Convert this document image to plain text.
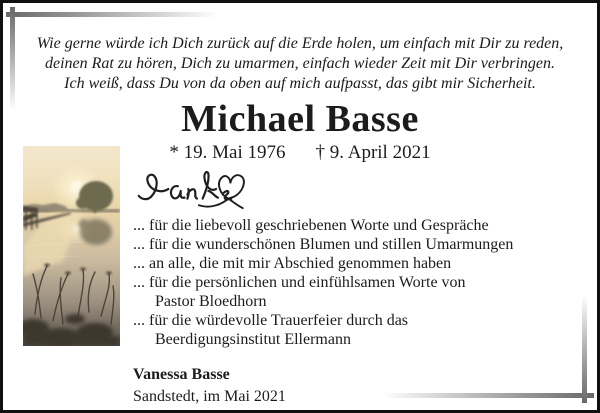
Wie gerne würde ich Dich zurück auf die Erde holen, um einfach mit Dir zu reden,
deinen Rat zu hören, Dich zu umarmen, einfach wieder Zeit mit Dir verbringen.
Ich weiß, dass Du von da oben auf mich aufpasst, das gibt mir Sicherheit.
Michael Basse
* 19. Mai 1976 † 9. April 2021
... für die liebevoll geschriebenen Worte und Gespräche
... für die wunderschönen Blumen und stillen Umarmungen
... an alle, die mit mir Abschied genommen haben
... für die persönlichen und einfühlsamen Worte von
Pastor Bloedhorn
... für die würdevolle Trauerfeier durch das
Beerdigungsinstitut Ellermann
Vanessa Basse
Sandstedt, im Mai 2021
